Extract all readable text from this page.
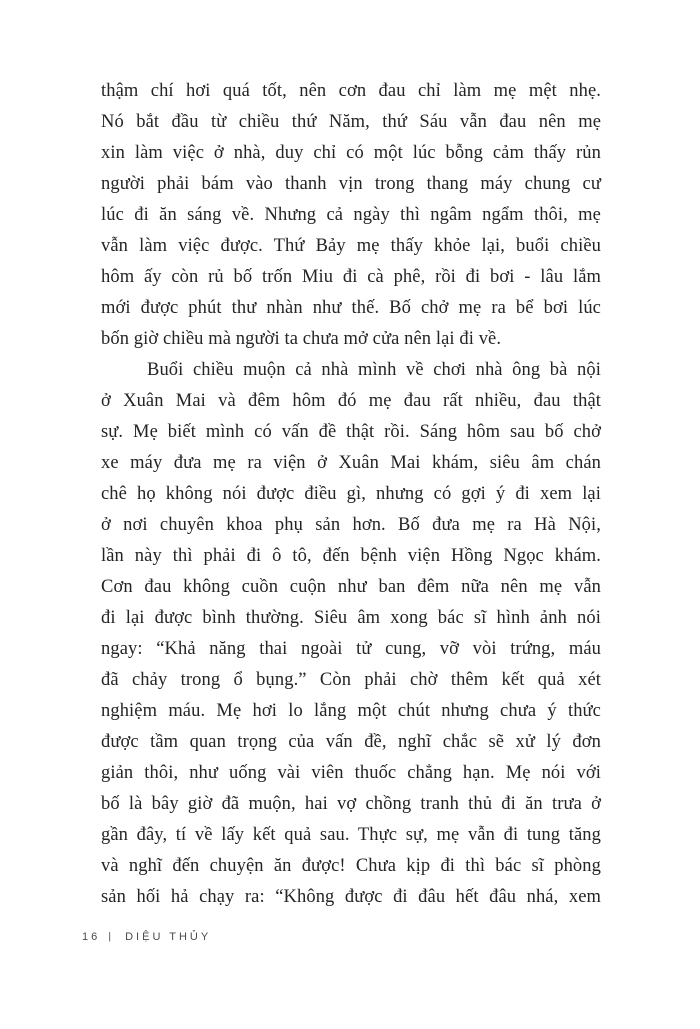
thậm chí hơi quá tốt, nên cơn đau chỉ làm mẹ mệt nhẹ.
Nó bắt đầu từ chiều thứ Năm, thứ Sáu vẫn đau nên mẹ
xin làm việc ở nhà, duy chỉ có một lúc bỗng cảm thấy rủn
người phải bám vào thanh vịn trong thang máy chung cư
lúc đi ăn sáng về. Nhưng cả ngày thì ngâm ngẩm thôi, mẹ
vẫn làm việc được. Thứ Bảy mẹ thấy khỏe lại, buổi chiều
hôm ấy còn rủ bố trốn Miu đi cà phê, rồi đi bơi - lâu lắm
mới được phút thư nhàn như thế. Bố chở mẹ ra bể bơi lúc
bốn giờ chiều mà người ta chưa mở cửa nên lại đi về.
Buổi chiều muộn cả nhà mình về chơi nhà ông bà nội
ở Xuân Mai và đêm hôm đó mẹ đau rất nhiều, đau thật
sự. Mẹ biết mình có vấn đề thật rồi. Sáng hôm sau bố chở
xe máy đưa mẹ ra viện ở Xuân Mai khám, siêu âm chán
chê họ không nói được điều gì, nhưng có gợi ý đi xem lại
ở nơi chuyên khoa phụ sản hơn. Bố đưa mẹ ra Hà Nội,
lần này thì phải đi ô tô, đến bệnh viện Hồng Ngọc khám.
Cơn đau không cuồn cuộn như ban đêm nữa nên mẹ vẫn
đi lại được bình thường. Siêu âm xong bác sĩ hình ảnh nói
ngay: “Khả năng thai ngoài tử cung, vỡ vòi trứng, máu
đã chảy trong ổ bụng.” Còn phải chờ thêm kết quả xét
nghiệm máu. Mẹ hơi lo lắng một chút nhưng chưa ý thức
được tầm quan trọng của vấn đề, nghĩ chắc sẽ xử lý đơn
giản thôi, như uống vài viên thuốc chẳng hạn. Mẹ nói với
bố là bây giờ đã muộn, hai vợ chồng tranh thủ đi ăn trưa ở
gần đây, tí về lấy kết quả sau. Thực sự, mẹ vẫn đi tung tăng
và nghĩ đến chuyện ăn được! Chưa kịp đi thì bác sĩ phòng
sản hối hả chạy ra: “Không được đi đâu hết đâu nhá, xem
16 | DIỆU THỦY
